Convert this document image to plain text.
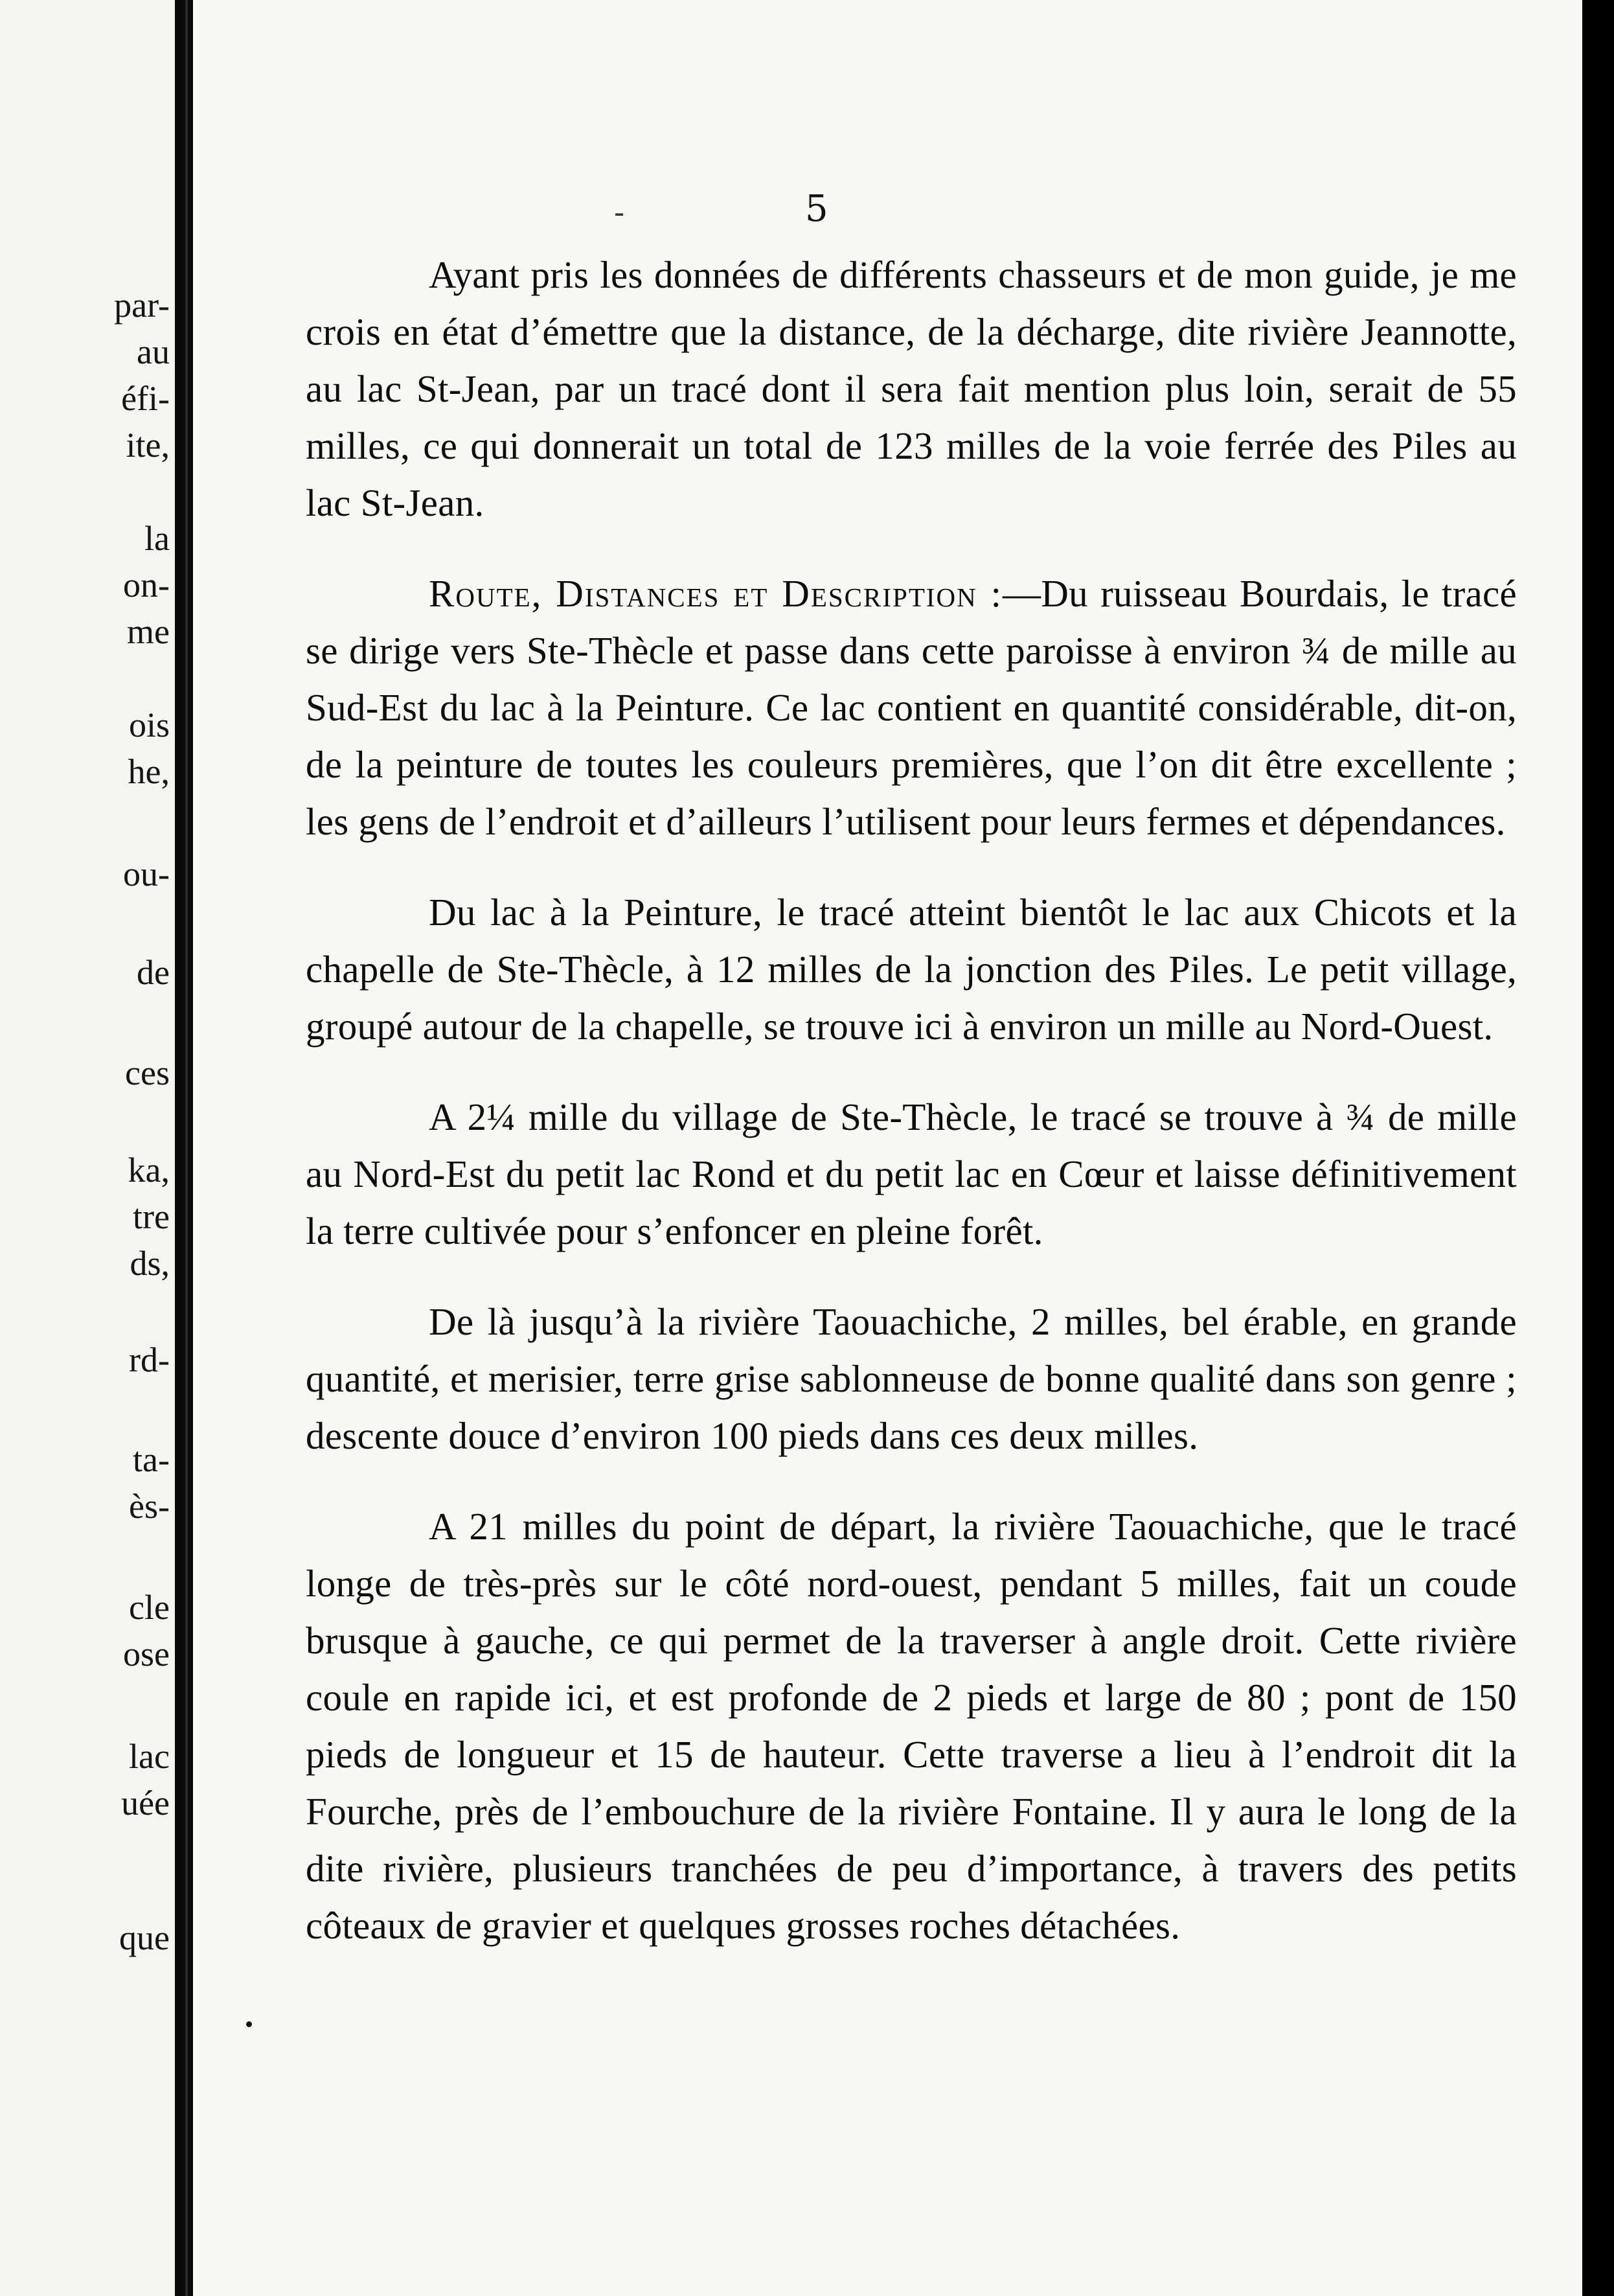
par-
au
éfi-
ite,
la
on-
me
ois
he,
ou-
de
ces
ka,
tre
ds,
rd-
ta-
ès-
cle
ose
lac
uée
que
-	5

Ayant pris les données de différents chasseurs et de mon guide, je me crois en état d’émettre que la distance, de la décharge, dite rivière Jeannotte, au lac St-Jean, par un tracé dont il sera fait mention plus loin, serait de 55 milles, ce qui donnerait un total de 123 milles de la voie ferrée des Piles au lac St-Jean.

Route, Distances et Description :—Du ruisseau Bourdais, le tracé se dirige vers Ste-Thècle et passe dans cette paroisse à environ ¾ de mille au Sud-Est du lac à la Peinture. Ce lac contient en quantité considérable, dit-on, de la peinture de toutes les couleurs premières, que l’on dit être excellente ; les gens de l’endroit et d’ailleurs l’utilisent pour leurs fermes et dépendances.

Du lac à la Peinture, le tracé atteint bientôt le lac aux Chicots et la chapelle de Ste-Thècle, à 12 milles de la jonction des Piles. Le petit village, groupé autour de la chapelle, se trouve ici à environ un mille au Nord-Ouest.

A 2¼ mille du village de Ste-Thècle, le tracé se trouve à ¾ de mille au Nord-Est du petit lac Rond et du petit lac en Cœur et laisse définitivement la terre cultivée pour s’enfoncer en pleine forêt.

De là jusqu’à la rivière Taouachiche, 2 milles, bel érable, en grande quantité, et merisier, terre grise sablonneuse de bonne qualité dans son genre ; descente douce d’environ 100 pieds dans ces deux milles.

A 21 milles du point de départ, la rivière Taouachiche, que le tracé longe de très-près sur le côté nord-ouest, pendant 5 milles, fait un coude brusque à gauche, ce qui permet de la traverser à angle droit. Cette rivière coule en rapide ici, et est profonde de 2 pieds et large de 80 ; pont de 150 pieds de longueur et 15 de hauteur. Cette traverse a lieu à l’endroit dit la Fourche, près de l’embouchure de la rivière Fontaine. Il y aura le long de la dite rivière, plusieurs tranchées de peu d’importance, à travers des petits côteaux de gravier et quelques grosses roches détachées.
